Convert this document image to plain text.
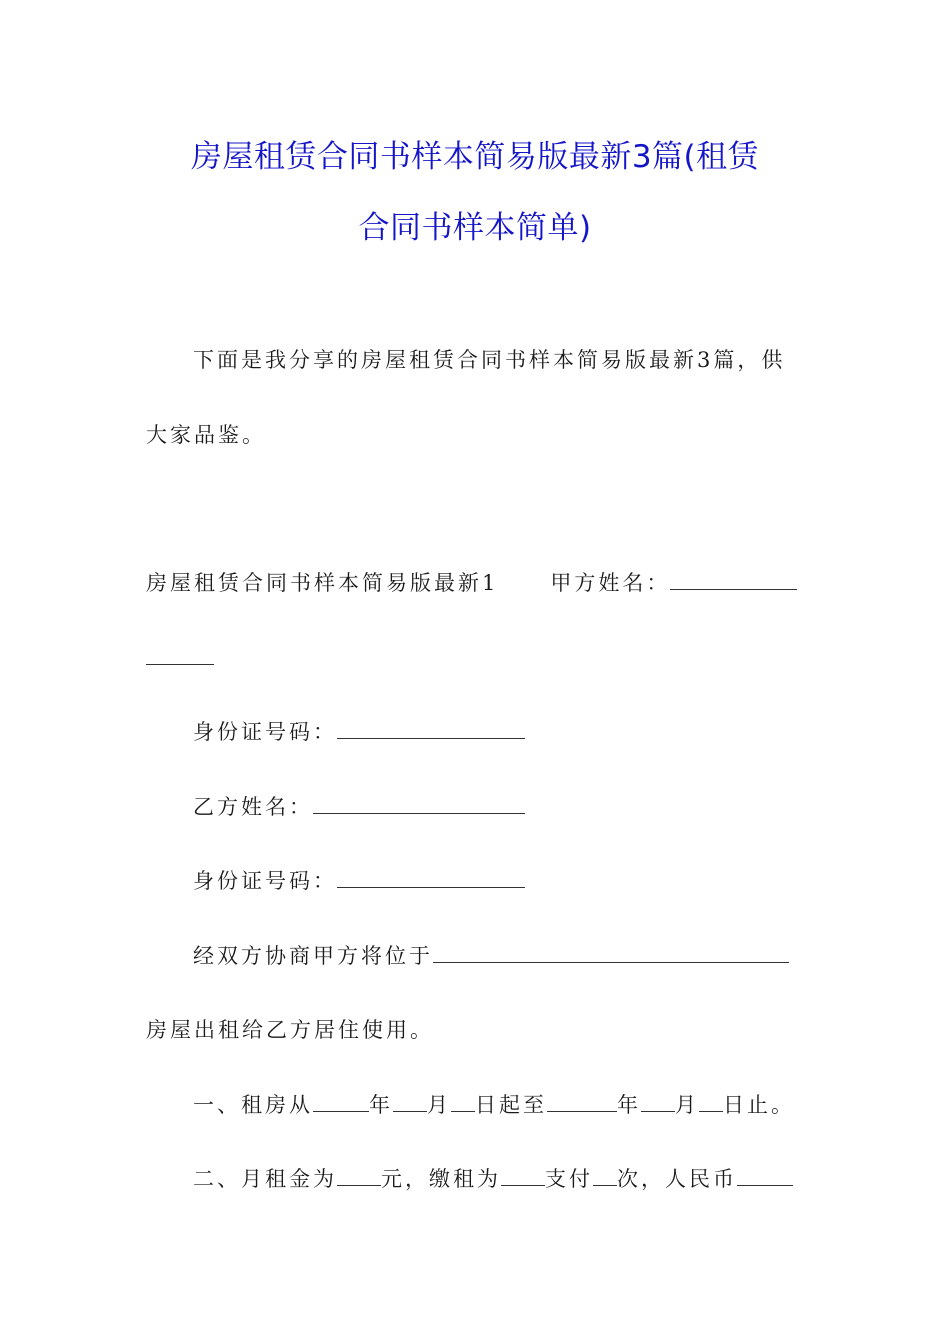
房屋租赁合同书样本简易版最新3篇(租赁
合同书样本简单)
下面是我分享的房屋租赁合同书样本简易版最新3篇，供
大家品鉴。
房屋租赁合同书样本简易版最新1 甲方姓名：
身份证号码：
乙方姓名：
身份证号码：
经双方协商甲方将位于
房屋出租给乙方居住使用。
一、租房从	年 月 日起至	年 月 日止。
二、月租金为 元，缴租为 支付 次，人民币
